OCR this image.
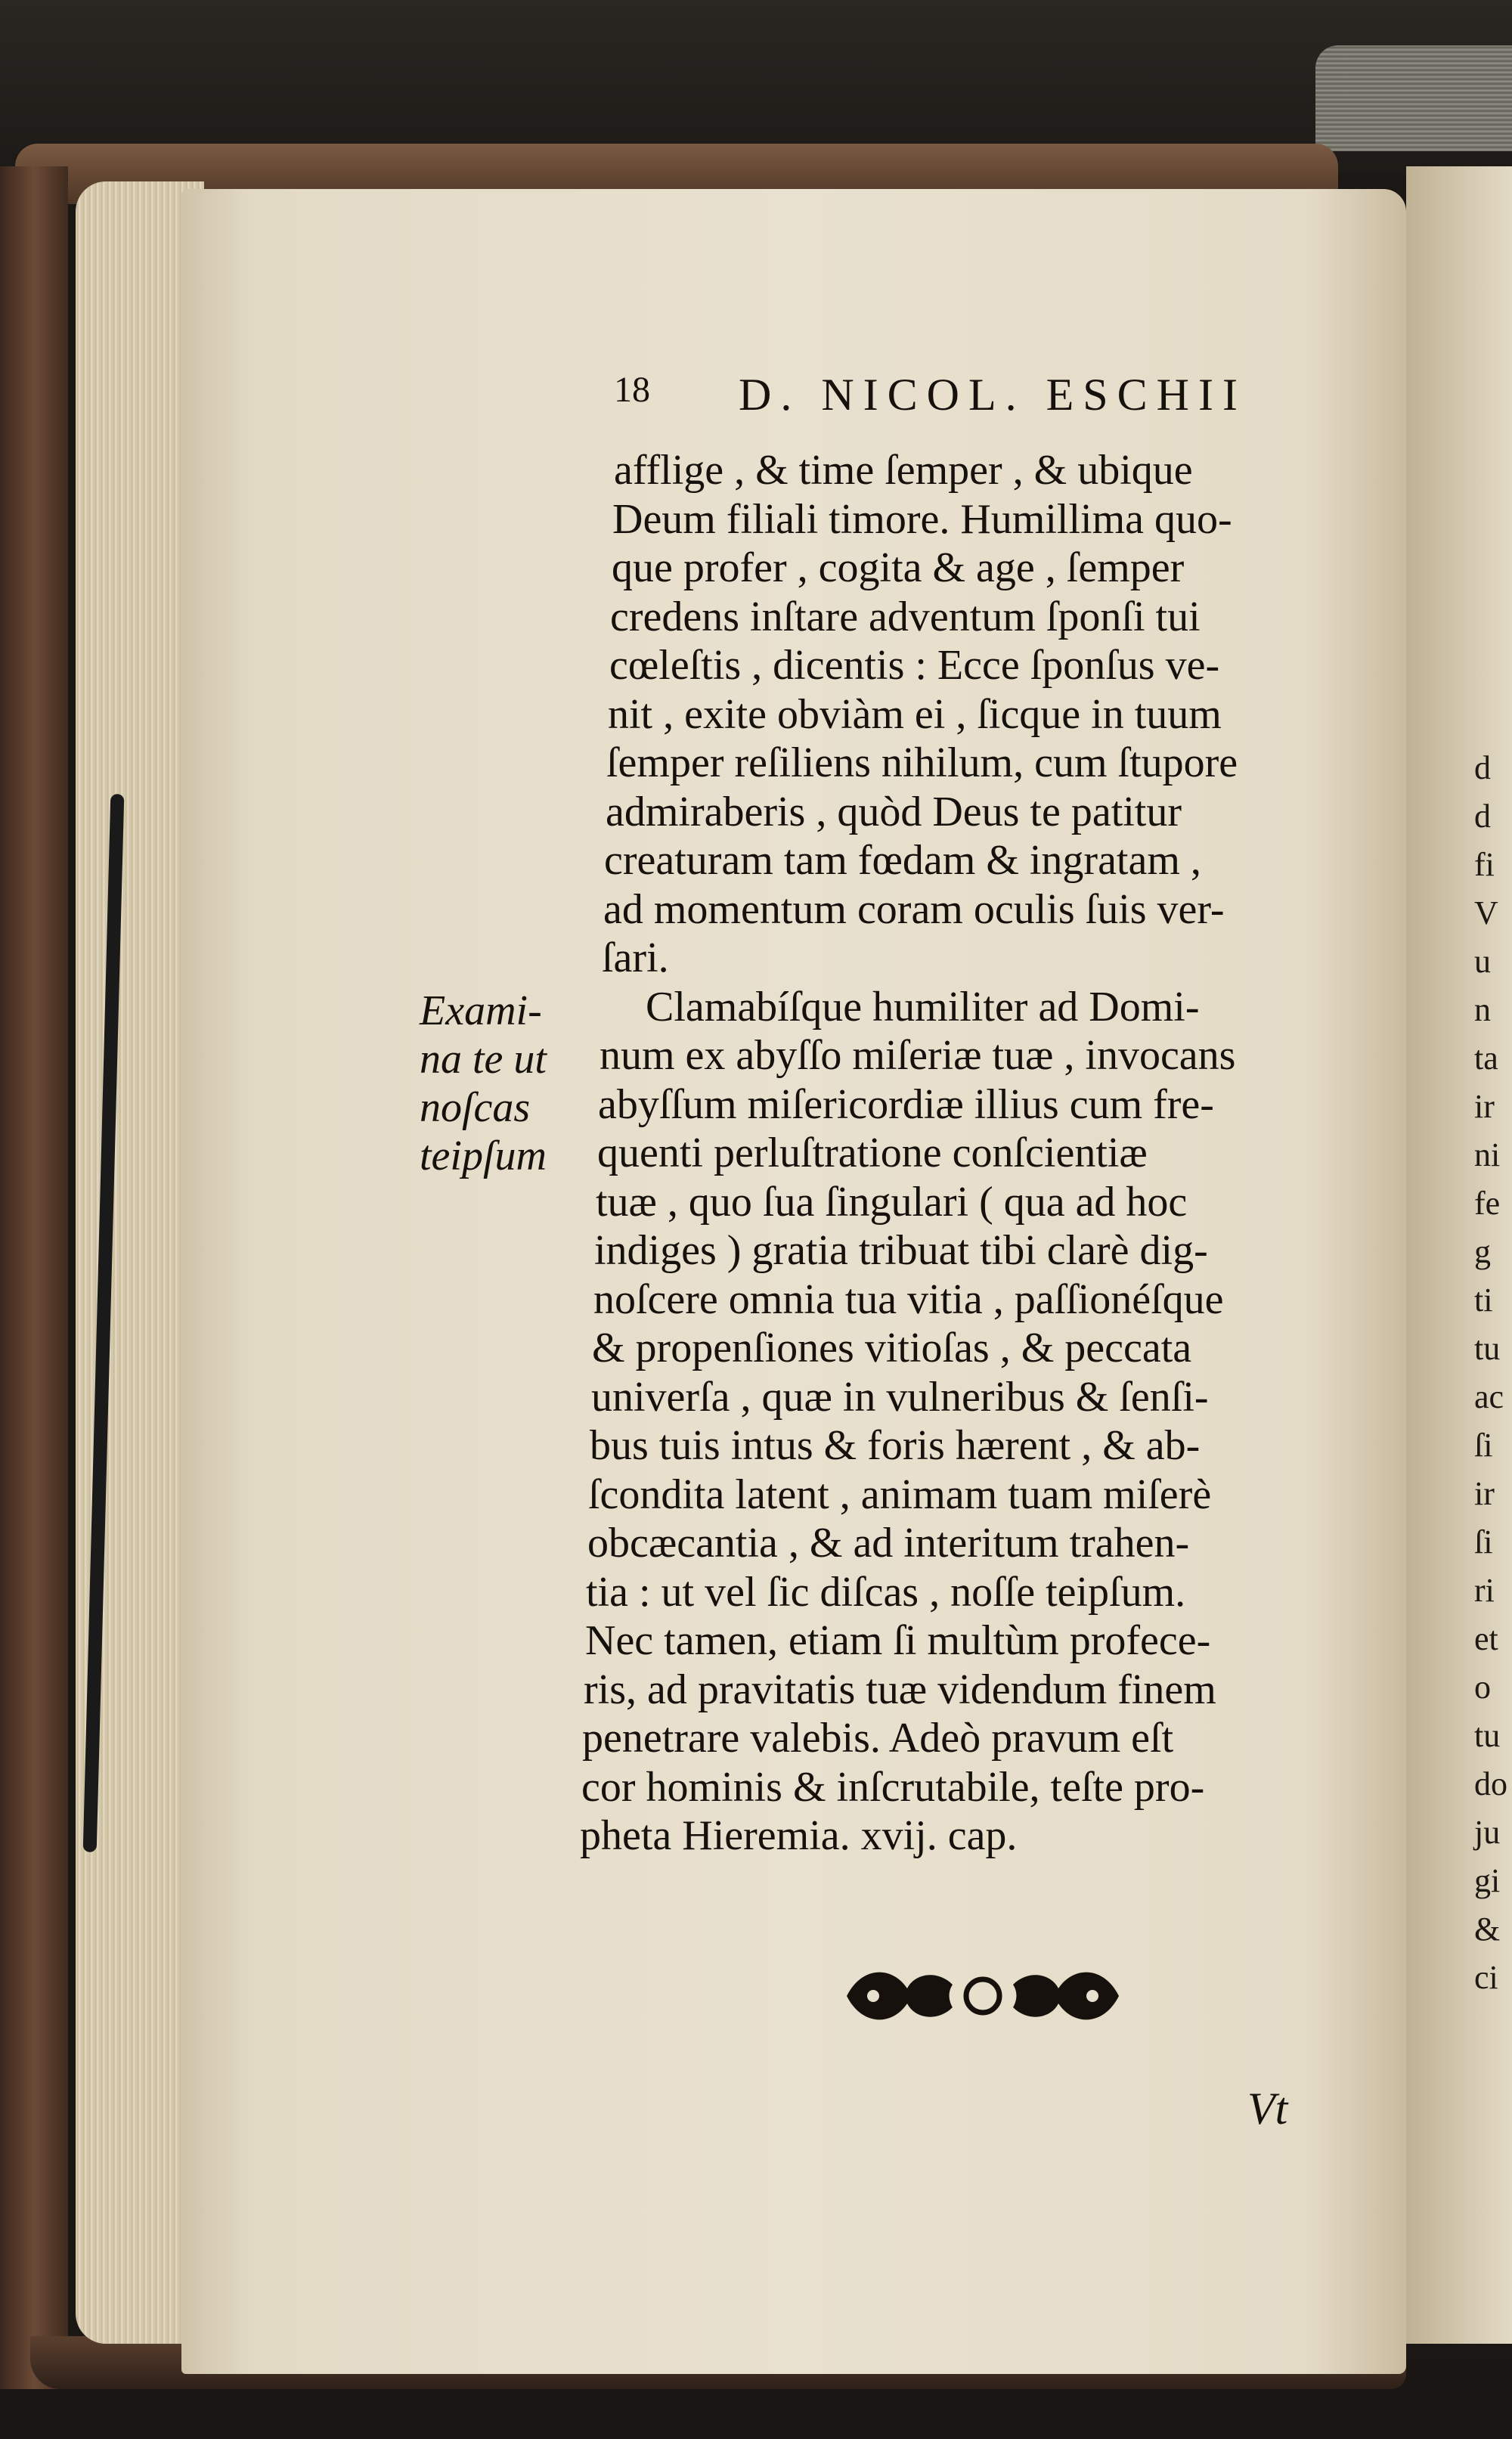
d
d
fi
V
u
n
ta
ir
ni
fe
g
ti
tu
ac
ſi
ir
ſi
ri
et
o
tu
do
ju
gi
&
ci
18 D. NICOL. ESCHII
afflige , & time ſemper , & ubique
Deum filiali timore. Humillima quo-
que profer , cogita & age , ſemper
credens inſtare adventum ſponſi tui
cœleſtis , dicentis : Ecce ſponſus ve-
nit , exite obviàm ei , ſicque in tuum
ſemper reſiliens nihilum, cum ſtupore
admiraberis , quòd Deus te patitur
creaturam tam fœdam & ingratam ,
ad momentum coram oculis ſuis ver-
ſari.
Clamabíſque humiliter ad Domi-
num ex abyſſo miſeriæ tuæ , invocans
abyſſum miſericordiæ illius cum fre-
quenti perluſtratione conſcientiæ
tuæ , quo ſua ſingulari ( qua ad hoc
indiges ) gratia tribuat tibi clarè dig-
noſcere omnia tua vitia , paſſionéſque
& propenſiones vitioſas , & peccata
univerſa , quæ in vulneribus & ſenſi-
bus tuis intus & foris hærent , & ab-
ſcondita latent , animam tuam miſerè
obcæcantia , & ad interitum trahen-
tia : ut vel ſic diſcas , noſſe teipſum.
Nec tamen, etiam ſi multùm profece-
ris, ad pravitatis tuæ videndum finem
penetrare valebis. Adeò pravum eſt
cor hominis & inſcrutabile, teſte pro-
pheta Hieremia. xvij. cap.
Exami-
na te ut
noſcas
teipſum
Vt
